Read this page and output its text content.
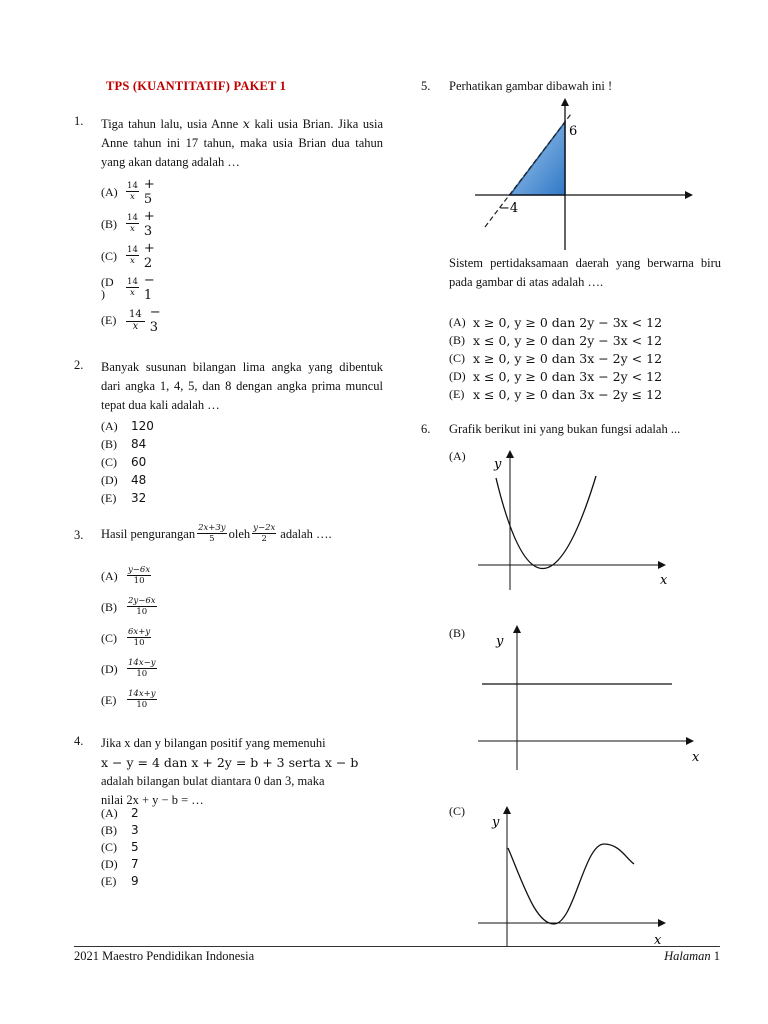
TPS (KUANTITATIF) PAKET 1
1.	Tiga tahun lalu, usia Anne x kali usia Brian. Jika usia Anne tahun ini 17 tahun, maka usia Brian dua tahun yang akan datang adalah …
$(A) \frac{14}{x} + 5$
(B)	$\frac{14}{x} + 3$
(C)	$\frac{14}{x} + 2$
(D
)	$\frac{14}{x} - 1$
$(E) \frac{14}{x} - 3$
2.	Banyak susunan bilangan lima angka yang dibentuk dari angka 1, 4, 5, dan 8 dengan angka prima muncul tepat dua kali adalah …
(A)	120
(B)	84
(C)	60
(D)	48
(E)	32
3.	Hasil pengurangan $\frac{2x+3y}{5}$ oleh $\frac{y-2x}{2}$ adalah ….
(A)	$\frac{y-6x}{10}$
(B)	$\frac{2y-6x}{10}$
(C)	$\frac{6x+y}{10}$
(D)	$\frac{14x-y}{10}$
(E)	$\frac{14x+y}{10}$
4.	Jika x dan y bilangan positif yang memenuhi
x − y = 4 dan x + 2y = b + 3 serta x − b
adalah bilangan bulat diantara 0 dan 3, maka
nilai 2x + y − b = …
(A)	2
(B)	3
(C)	5
(D)	7
(E)	9
5.	Perhatikan gambar dibawah ini !
6
−4
Sistem pertidaksamaan daerah yang berwarna biru pada gambar di atas adalah ….
(A) x ≥ 0, y ≥ 0 dan 2y − 3x < 12
(B) x ≤ 0, y ≥ 0 dan 2y − 3x < 12
(C) x ≥ 0, y ≥ 0 dan 3x − 2y < 12
(D) x ≤ 0, y ≥ 0 dan 3x − 2y < 12
(E) x ≤ 0, y ≥ 0 dan 3x − 2y ≤ 12
6.	Grafik berikut ini yang bukan fungsi adalah ...
(A)
y
x
(B)
y
x
(C)
y
x
2021 Maestro Pendidikan Indonesia	Halaman 1
